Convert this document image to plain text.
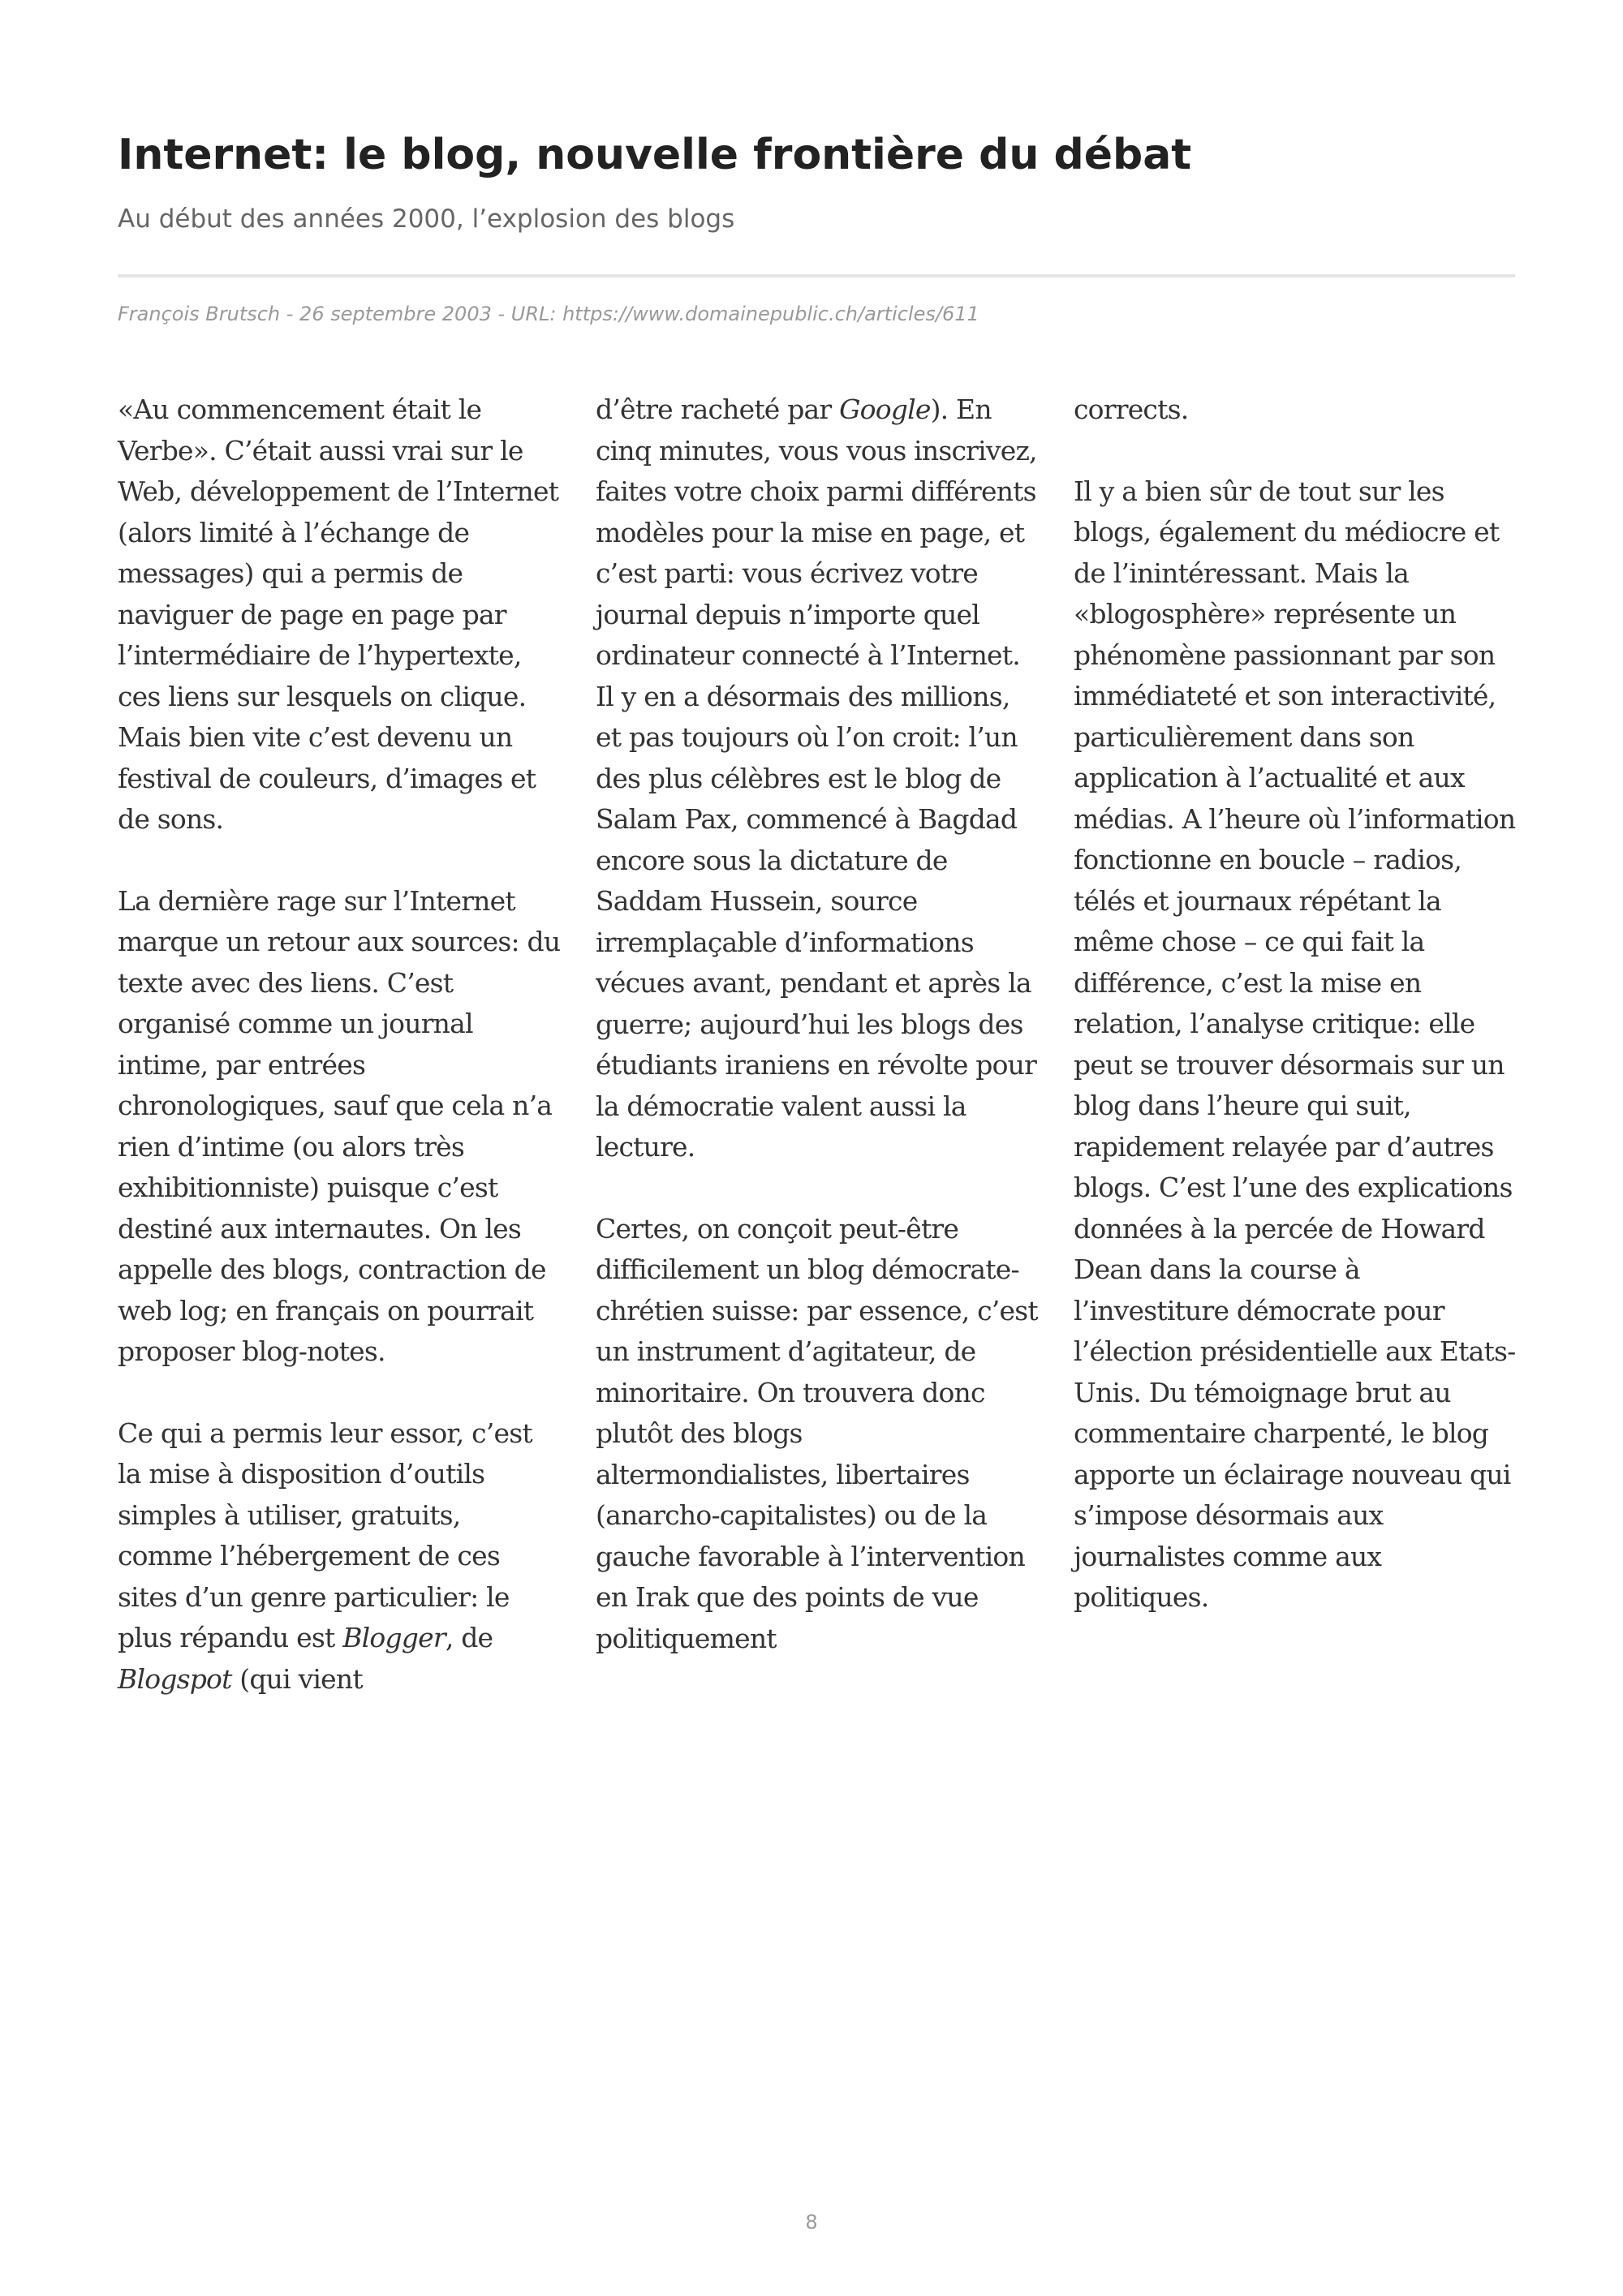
Internet: le blog, nouvelle frontière du débat
Au début des années 2000, l’explosion des blogs
François Brutsch - 26 septembre 2003 - URL: https://www.domainepublic.ch/articles/611

«Au commencement était le Verbe». C’était aussi vrai sur le Web, développement de l’Internet (alors limité à l’échange de messages) qui a permis de naviguer de page en page par l’intermédiaire de l’hypertexte, ces liens sur lesquels on clique. Mais bien vite c’est devenu un festival de couleurs, d’images et de sons.

La dernière rage sur l’Internet marque un retour aux sources: du texte avec des liens. C’est organisé comme un journal intime, par entrées chronologiques, sauf que cela n’a rien d’intime (ou alors très exhibitionniste) puisque c’est destiné aux internautes. On les appelle des blogs, contraction de web log; en français on pourrait proposer blog-notes.

Ce qui a permis leur essor, c’est la mise à disposition d’outils simples à utiliser, gratuits, comme l’hébergement de ces sites d’un genre particulier: le plus répandu est Blogger, de Blogspot (qui vient

d’être racheté par Google). En cinq minutes, vous vous inscrivez, faites votre choix parmi différents modèles pour la mise en page, et c’est parti: vous écrivez votre journal depuis n’importe quel ordinateur connecté à l’Internet. Il y en a désormais des millions, et pas toujours où l’on croit: l’un des plus célèbres est le blog de Salam Pax, commencé à Bagdad encore sous la dictature de Saddam Hussein, source irremplaçable d’informations vécues avant, pendant et après la guerre; aujourd’hui les blogs des étudiants iraniens en révolte pour la démocratie valent aussi la lecture.

Certes, on conçoit peut-être difficilement un blog démocrate-chrétien suisse: par essence, c’est un instrument d’agitateur, de minoritaire. On trouvera donc plutôt des blogs altermondialistes, libertaires (anarcho-capitalistes) ou de la gauche favorable à l’intervention en Irak que des points de vue politiquement

corrects.

Il y a bien sûr de tout sur les blogs, également du médiocre et de l’inintéressant. Mais la «blogosphère» représente un phénomène passionnant par son immédiateté et son interactivité, particulièrement dans son application à l’actualité et aux médias. A l’heure où l’information fonctionne en boucle – radios, télés et journaux répétant la même chose – ce qui fait la différence, c’est la mise en relation, l’analyse critique: elle peut se trouver désormais sur un blog dans l’heure qui suit, rapidement relayée par d’autres blogs. C’est l’une des explications données à la percée de Howard Dean dans la course à l’investiture démocrate pour l’élection présidentielle aux Etats-Unis. Du témoignage brut au commentaire charpenté, le blog apporte un éclairage nouveau qui s’impose désormais aux journalistes comme aux politiques.

8
